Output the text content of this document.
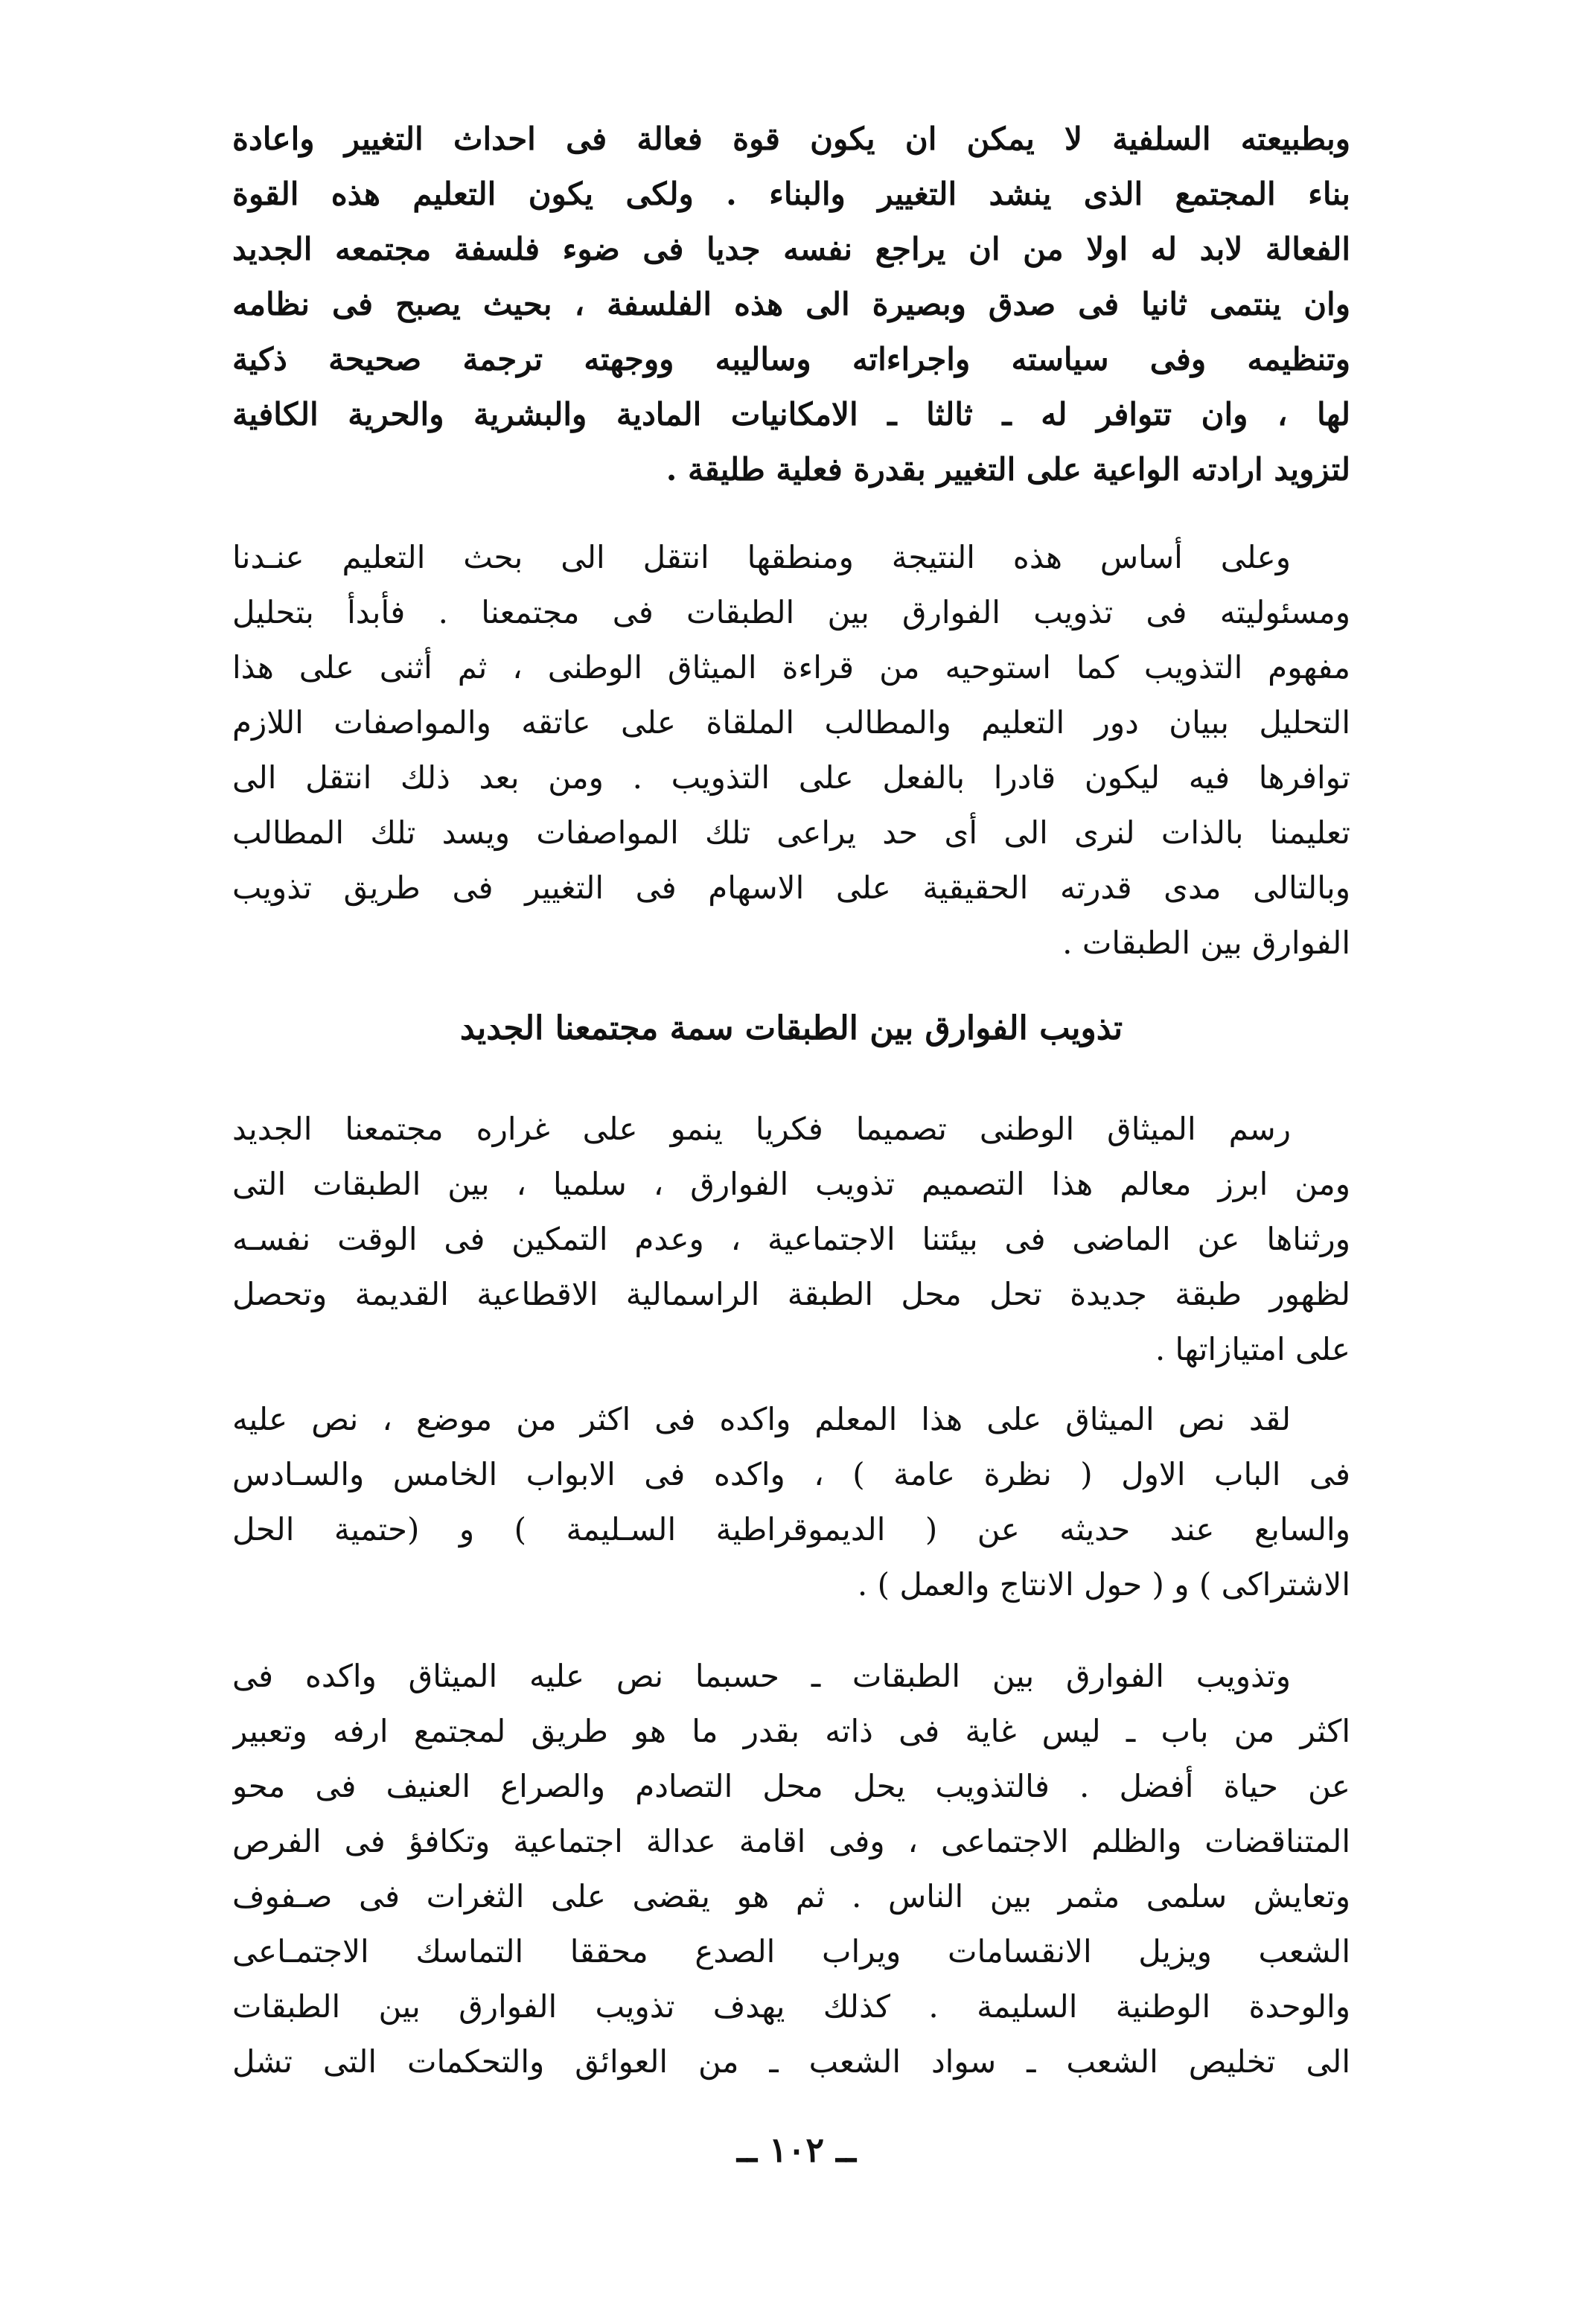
وبطبيعته السلفية لا يمكن ان يكون قوة فعالة فى احداث التغيير واعادة
بناء المجتمع الذى ينشد التغيير والبناء . ولكى يكون التعليم هذه القوة
الفعالة لابد له اولا من ان يراجع نفسه جديا فى ضوء فلسفة مجتمعه الجديد
وان ينتمى ثانيا فى صدق وبصيرة الى هذه الفلسفة ، بحيث يصبح فى نظامه
وتنظيمه وفى سياسته واجراءاته وساليبه ووجهته ترجمة صحيحة ذكية
لها ، وان تتوافر له ـ ثالثا ـ الامكانيات المادية والبشرية والحرية الكافية
لتزويد ارادته الواعية على التغيير بقدرة فعلية طليقة .
وعلى أساس هذه النتيجة ومنطقها انتقل الى بحث التعليم عنـدنا
ومسئوليته فى تذويب الفوارق بين الطبقات فى مجتمعنا . فأبدأ بتحليل
مفهوم التذويب كما استوحيه من قراءة الميثاق الوطنى ، ثم أثنى على هذا
التحليل ببيان دور التعليم والمطالب الملقاة على عاتقه والمواصفات اللازم
توافرها فيه ليكون قادرا بالفعل على التذويب . ومن بعد ذلك انتقل الى
تعليمنا بالذات لنرى الى أى حد يراعى تلك المواصفات ويسد تلك المطالب
وبالتالى مدى قدرته الحقيقية على الاسهام فى التغيير فى طريق تذويب
الفوارق بين الطبقات .
تذويب الفوارق بين الطبقات سمة مجتمعنا الجديد
رسم الميثاق الوطنى تصميما فكريا ينمو على غراره مجتمعنا الجديد
ومن ابرز معالم هذا التصميم تذويب الفوارق ، سلميا ، بين الطبقات التى
ورثناها عن الماضى فى بيئتنا الاجتماعية ، وعدم التمكين فى الوقت نفسـه
لظهور طبقة جديدة تحل محل الطبقة الراسمالية الاقطاعية القديمة وتحصل
على امتيازاتها .
لقد نص الميثاق على هذا المعلم واكده فى اكثر من موضع ، نص عليه
فى الباب الاول ( نظرة عامة ) ، واكده فى الابواب الخامس والسـادس
والسابع عند حديثه عن ( الديموقراطية السـليمة ) و (حتمية الحل
الاشتراكى ) و ( حول الانتاج والعمل ) .
وتذويب الفوارق بين الطبقات ـ حسبما نص عليه الميثاق واكده فى
اكثر من باب ـ ليس غاية فى ذاته بقدر ما هو طريق لمجتمع ارفه وتعبير
عن حياة أفضل . فالتذويب يحل محل التصادم والصراع العنيف فى محو
المتناقضات والظلم الاجتماعى ، وفى اقامة عدالة اجتماعية وتكافؤ فى الفرص
وتعايش سلمى مثمر بين الناس . ثم هو يقضى على الثغرات فى صـفوف
الشعب ويزيل الانقسامات ويراب الصدع محققا التماسك الاجتمـاعى
والوحدة الوطنية السليمة . كذلك يهدف تذويب الفوارق بين الطبقات
الى تخليص الشعب ـ سواد الشعب ـ من العوائق والتحكمات التى تشل
ــ ١٠٢ ــ
